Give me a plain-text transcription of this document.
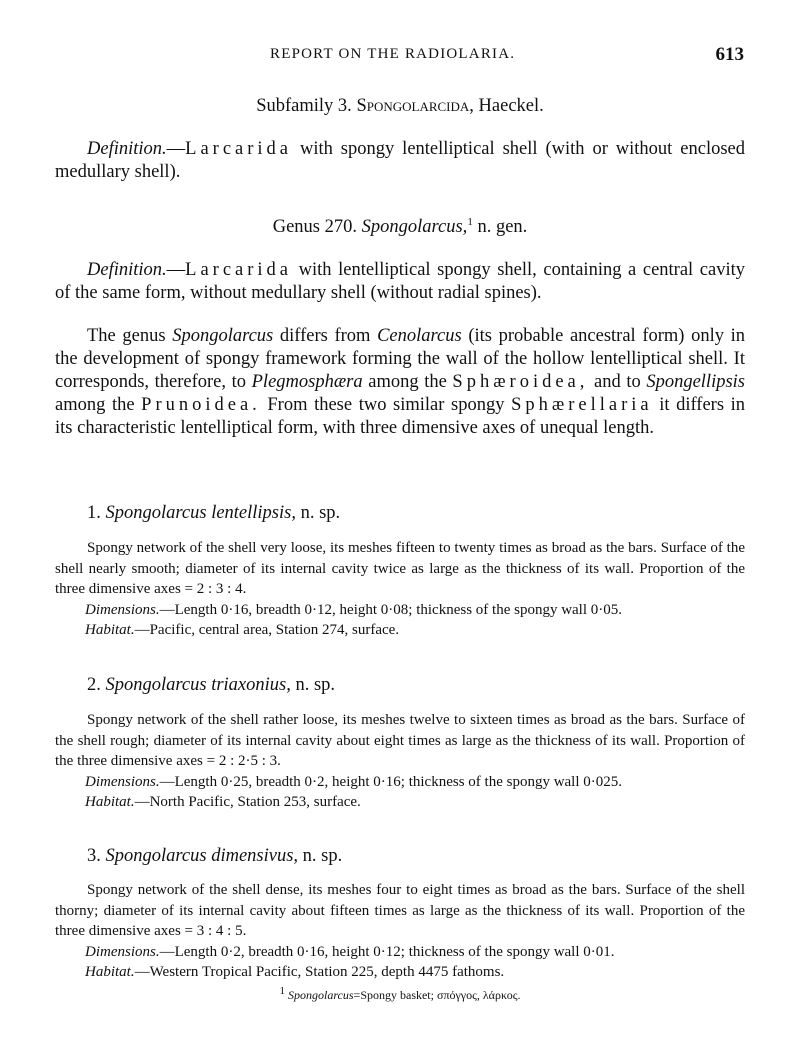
REPORT ON THE RADIOLARIA.	613
Subfamily 3. Spongolarcida, Haeckel.
Definition.—Larcarida with spongy lentelliptical shell (with or without enclosed medullary shell).
Genus 270. Spongolarcus,$^1$ n. gen.
Definition.—Larcarida with lentelliptical spongy shell, containing a central cavity of the same form, without medullary shell (without radial spines).
The genus Spongolarcus differs from Cenolarcus (its probable ancestral form) only in the development of spongy framework forming the wall of the hollow lentelliptical shell. It corresponds, therefore, to Plegmosphæra among the Sphæroidea, and to Spongellipsis among the Prunoidea. From these two similar spongy Sphærellaria it differs in its characteristic lentelliptical form, with three dimensive axes of unequal length.
1. Spongolarcus lentellipsis, n. sp.
Spongy network of the shell very loose, its meshes fifteen to twenty times as broad as the bars. Surface of the shell nearly smooth; diameter of its internal cavity twice as large as the thickness of its wall. Proportion of the three dimensive axes = 2 : 3 : 4.
Dimensions.—Length 0·16, breadth 0·12, height 0·08; thickness of the spongy wall 0·05.
Habitat.—Pacific, central area, Station 274, surface.
2. Spongolarcus triaxonius, n. sp.
Spongy network of the shell rather loose, its meshes twelve to sixteen times as broad as the bars. Surface of the shell rough; diameter of its internal cavity about eight times as large as the thickness of its wall. Proportion of the three dimensive axes = 2 : 2·5 : 3.
Dimensions.—Length 0·25, breadth 0·2, height 0·16; thickness of the spongy wall 0·025.
Habitat.—North Pacific, Station 253, surface.
3. Spongolarcus dimensivus, n. sp.
Spongy network of the shell dense, its meshes four to eight times as broad as the bars. Surface of the shell thorny; diameter of its internal cavity about fifteen times as large as the thickness of its wall. Proportion of the three dimensive axes = 3 : 4 : 5.
Dimensions.—Length 0·2, breadth 0·16, height 0·12; thickness of the spongy wall 0·01.
Habitat.—Western Tropical Pacific, Station 225, depth 4475 fathoms.
$^1$ Spongolarcus=Spongy basket; σπόγγος, λάρκος.
